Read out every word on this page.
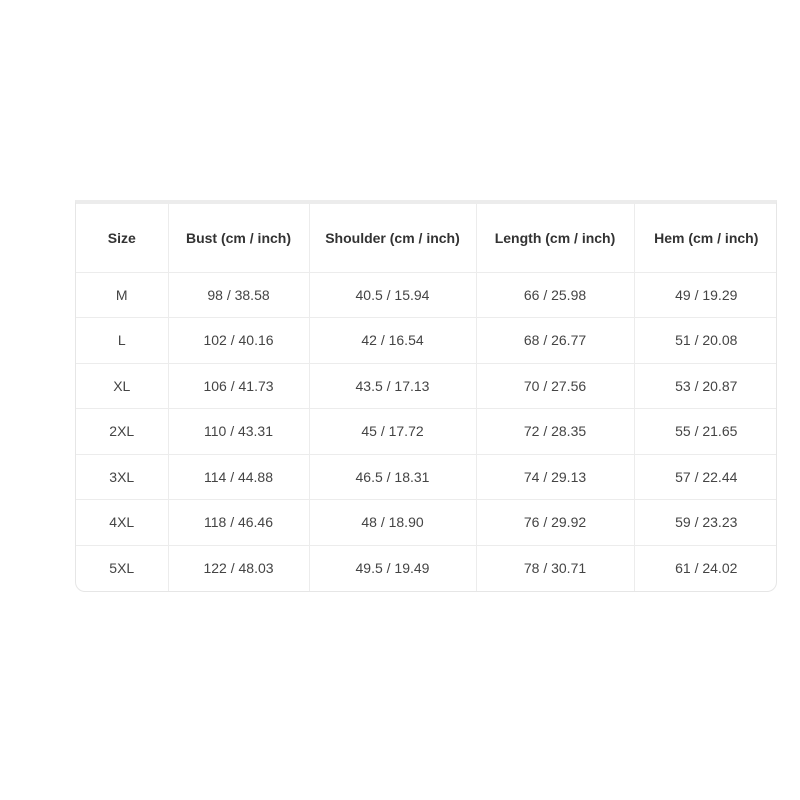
Size	Bust (cm / inch)	Shoulder (cm / inch)	Length (cm / inch)	Hem (cm / inch)
M	98 / 38.58	40.5 / 15.94	66 / 25.98	49 / 19.29
L	102 / 40.16	42 / 16.54	68 / 26.77	51 / 20.08
XL	106 / 41.73	43.5 / 17.13	70 / 27.56	53 / 20.87
2XL	110 / 43.31	45 / 17.72	72 / 28.35	55 / 21.65
3XL	114 / 44.88	46.5 / 18.31	74 / 29.13	57 / 22.44
4XL	118 / 46.46	48 / 18.90	76 / 29.92	59 / 23.23
5XL	122 / 48.03	49.5 / 19.49	78 / 30.71	61 / 24.02
